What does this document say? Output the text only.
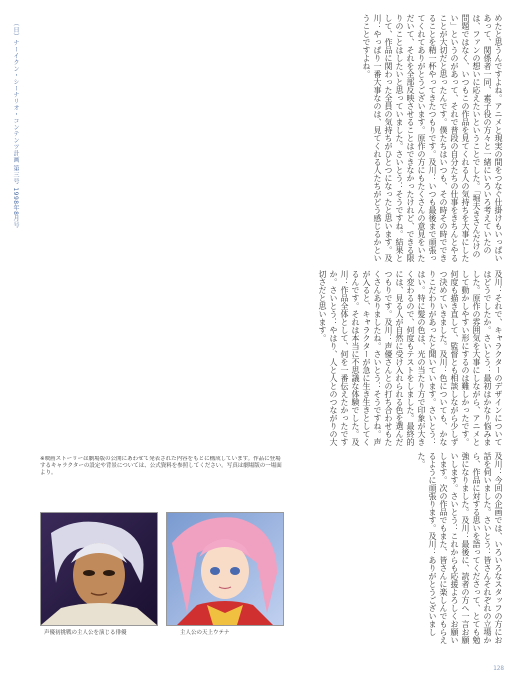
（日）ナーイクン・シーナリオ・コンテンツ計画 第三号 1998年8月号	めたと思うんですよね。アニメと現実の間をつなぐ仕掛けもいっぱいあって、関係者一同、素子役の方々と一緒にいろいろ考えていたのは、ファンの想いに応えたいということでした。「堀夫きさんだけの問題ではなく、いつもこの作品を見てくれる人の気持ちを大事にしたい」というのがあって、それで普段の自分たちの仕事をきちんとやることが大切だと思ったんです。僕たちはいつも、その時その時でできることを精一杯やってきたつもりです。及川：いつも最後まで頑張ってくれてありがとうございます。原作の方にもたくさんの意見をいただいて、それを全部反映させることはできなかったけれど、できる限りのことはしたいと思っていました。さいとう：そうですね。結果として、作品に関わった全員の気持ちがひとつになったと思います。及川：やっぱり一番大事なのは、見てくれる人たちがどう感じるかということですよね。
及川：それで、キャラクターのデザインについてはどうでしたか。さいとう：最初はかなり悩みました。原作の雰囲気を大事にしながら、アニメとして動かしやすい形にするのは難しかったです。何度も描き直して、監督とも相談しながら少しずつ決めていきました。及川：色についても、かなりこだわりがあったと聞いています。さいとう：はい。特に髪の色は、光の当たり方で印象が大きく変わるので、何度もテストをしました。最終的には、見る人が自然に受け入れられる色を選んだつもりです。及川：声優さんとの打ち合わせもたくさんありましたね。さいとう：そうですね。声が入ると、キャラクターが急に生き生きとしてくるんです。それは本当に不思議な体験でした。及川：作品全体として、何を一番伝えたかったですか。さいとう：やはり、人と人とのつながりの大切さだと思います。
及川：今回の企画では、いろいろなスタッフの方にお話を伺いました。さいとう：皆さんそれぞれの立場から、作品に対する思いを語ってくださって、とても勉強になりました。及川：最後に、読者の方へ一言お願いします。さいとう：これからも応援よろしくお願いします。次の作品でもまた、皆さんに楽しんでもらえるように頑張ります。及川：ありがとうございました。
※映画ストーリーは劇場版の公開にあわせて発表された内容をもとに構成しています。作品に登場するキャラクターの設定や背景については、公式資料を参照してください。写真は劇場版の一場面より。
声優初挑戦の主人公を演じる俳優	主人公の天上ウテナ
128
